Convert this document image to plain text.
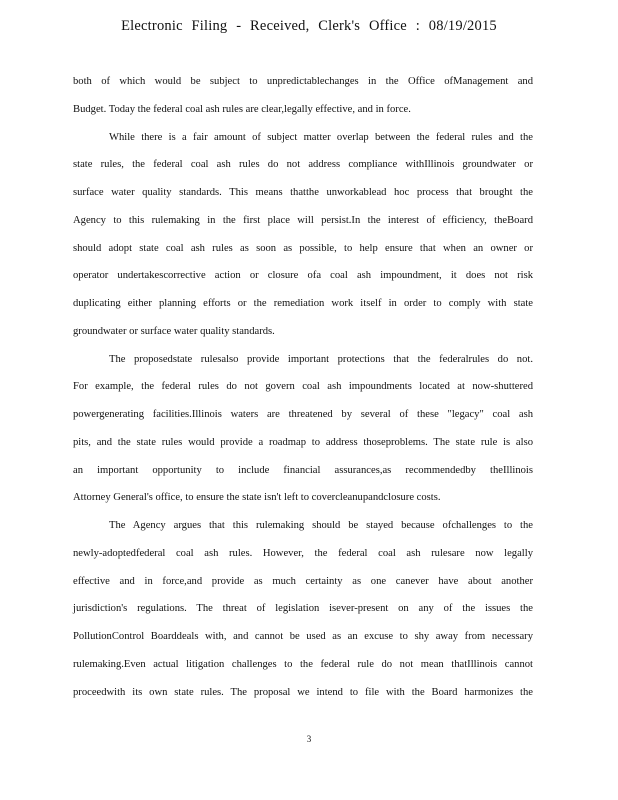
Electronic Filing - Received, Clerk's Office : 08/19/2015
both of which would be subject to unpredictablechanges in the Office ofManagement and
Budget. Today the federal coal ash rules are clear,legally effective, and in force.
While there is a fair amount of subject matter overlap between the federal rules and the
state rules, the federal coal ash rules do not address compliance withIllinois groundwater or
surface water quality standards. This means thatthe unworkablead hoc process that brought the
Agency to this rulemaking in the first place will persist.In the interest of efficiency, theBoard
should adopt state coal ash rules as soon as possible, to help ensure that when an owner or
operator undertakescorrective action or closure ofa coal ash impoundment, it does not risk
duplicating either planning efforts or the remediation work itself in order to comply with state
groundwater or surface water quality standards.
The proposedstate rulesalso provide important protections that the federalrules do not.
For example, the federal rules do not govern coal ash impoundments located at now-shuttered
powergenerating facilities.Illinois waters are threatened by several of these "legacy" coal ash
pits, and the state rules would provide a roadmap to address thoseproblems. The state rule is also
an important opportunity to include financial assurances,as recommendedby theIllinois
Attorney General's office, to ensure the state isn't left to covercleanupandclosure costs.
The Agency argues that this rulemaking should be stayed because ofchallenges to the
newly-adoptedfederal coal ash rules. However, the federal coal ash rulesare now legally
effective and in force,and provide as much certainty as one canever have about another
jurisdiction's regulations. The threat of legislation isever-present on any of the issues the
PollutionControl Boarddeals with, and cannot be used as an excuse to shy away from necessary
rulemaking.Even actual litigation challenges to the federal rule do not mean thatIllinois cannot
proceedwith its own state rules. The proposal we intend to file with the Board harmonizes the
3
